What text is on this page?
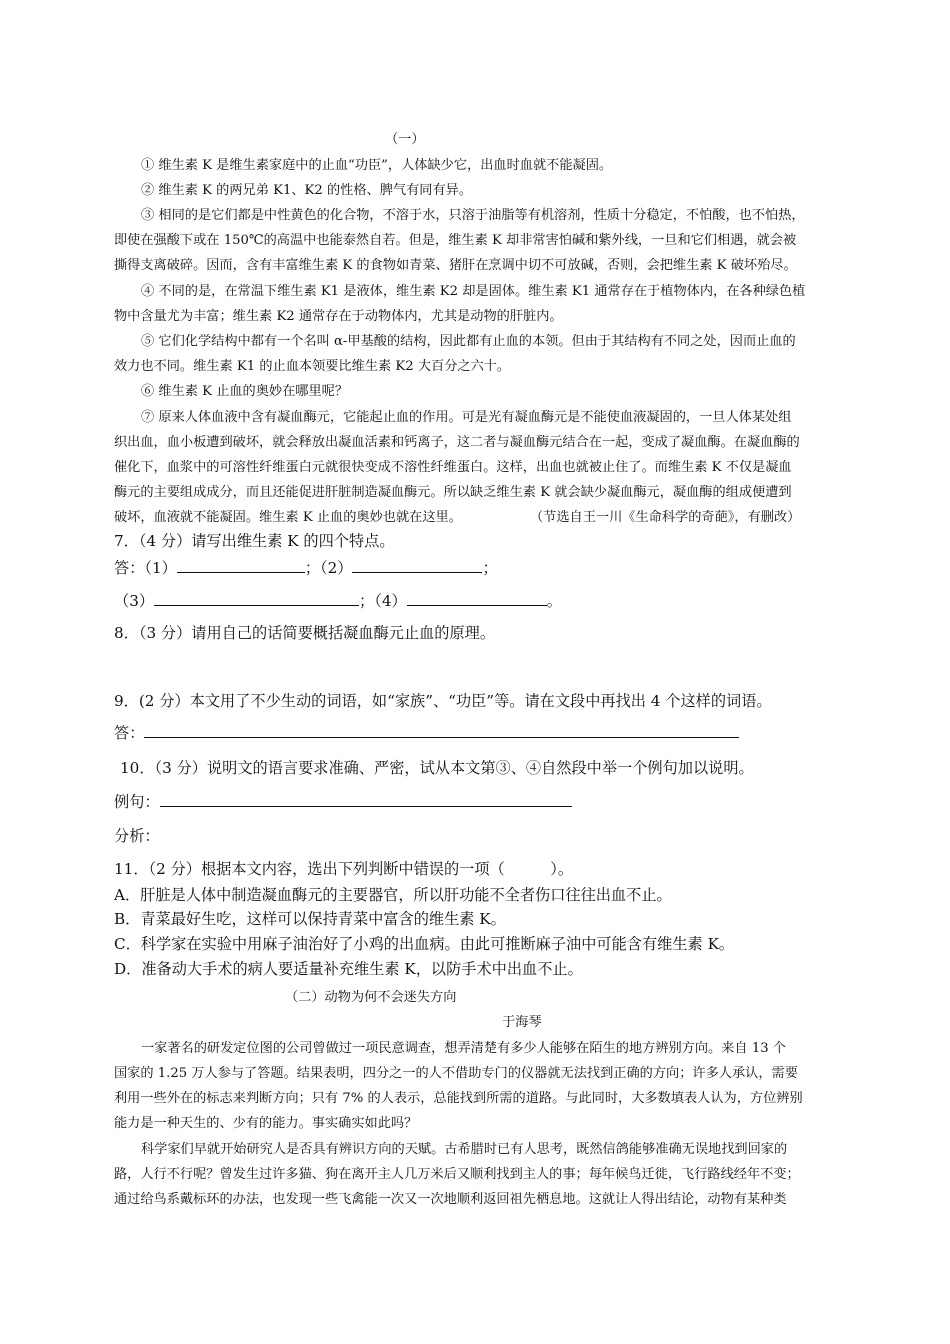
（一）
① 维生素 K 是维生素家庭中的止血“功臣”，人体缺少它，出血时血就不能凝固。
② 维生素 K 的两兄弟 K1、K2 的性格、脾气有同有异。
③ 相同的是它们都是中性黄色的化合物，不溶于水，只溶于油脂等有机溶剂，性质十分稳定，不怕酸，也不怕热，
即使在强酸下或在 150℃的高温中也能泰然自若。但是，维生素 K 却非常害怕碱和紫外线，一旦和它们相遇，就会被
撕得支离破碎。因而，含有丰富维生素 K 的食物如青菜、猪肝在烹调中切不可放碱，否则，会把维生素 K 破坏殆尽。
④ 不同的是，在常温下维生素 K1 是液体，维生素 K2 却是固体。维生素 K1 通常存在于植物体内，在各种绿色植
物中含量尤为丰富；维生素 K2 通常存在于动物体内，尤其是动物的肝脏内。
⑤ 它们化学结构中都有一个名叫 α-甲基酸的结构，因此都有止血的本领。但由于其结构有不同之处，因而止血的
效力也不同。维生素 K1 的止血本领要比维生素 K2 大百分之六十。
⑥ 维生素 K 止血的奥妙在哪里呢？
⑦ 原来人体血液中含有凝血酶元，它能起止血的作用。可是光有凝血酶元是不能使血液凝固的，一旦人体某处组
织出血，血小板遭到破坏，就会释放出凝血活素和钙离子，这二者与凝血酶元结合在一起，变成了凝血酶。在凝血酶的
催化下，血浆中的可溶性纤维蛋白元就很快变成不溶性纤维蛋白。这样，出血也就被止住了。而维生素 K 不仅是凝血
酶元的主要组成成分，而且还能促进肝脏制造凝血酶元。所以缺乏维生素 K 就会缺少凝血酶元，凝血酶的组成便遭到
破坏，血液就不能凝固。维生素 K 止血的奥妙也就在这里。	（节选自王一川《生命科学的奇葩》，有删改）
7．（4 分）请写出维生素 K 的四个特点。
答：（1）	；（2）	；
（3）	；（4）	。
8．（3 分）请用自己的话简要概括凝血酶元止血的原理。
9．(2 分）本文用了不少生动的词语，如“家族”、“功臣”等。请在文段中再找出 4 个这样的词语。
答：
10．（3 分）说明文的语言要求准确、严密，试从本文第③、④自然段中举一个例句加以说明。
例句：
分析：
11．（2 分）根据本文内容，选出下列判断中错误的一项（　　　）。
A．肝脏是人体中制造凝血酶元的主要器官，所以肝功能不全者伤口往往出血不止。
B．青菜最好生吃，这样可以保持青菜中富含的维生素 K。
C．科学家在实验中用麻子油治好了小鸡的出血病。由此可推断麻子油中可能含有维生素 K。
D．准备动大手术的病人要适量补充维生素 K，以防手术中出血不止。
（二）动物为何不会迷失方向
于海琴
一家著名的研发定位图的公司曾做过一项民意调查，想弄清楚有多少人能够在陌生的地方辨别方向。来自 13 个
国家的 1.25 万人参与了答题。结果表明，四分之一的人不借助专门的仪器就无法找到正确的方向；许多人承认，需要
利用一些外在的标志来判断方向；只有 7% 的人表示，总能找到所需的道路。与此同时，大多数填表人认为，方位辨别
能力是一种天生的、少有的能力。事实确实如此吗？
科学家们早就开始研究人是否具有辨识方向的天赋。古希腊时已有人思考，既然信鸽能够准确无误地找到回家的
路，人行不行呢？曾发生过许多猫、狗在离开主人几万米后又顺利找到主人的事；每年候鸟迁徙，飞行路线经年不变；
通过给鸟系戴标环的办法，也发现一些飞禽能一次又一次地顺利返回祖先栖息地。这就让人得出结论，动物有某种类
